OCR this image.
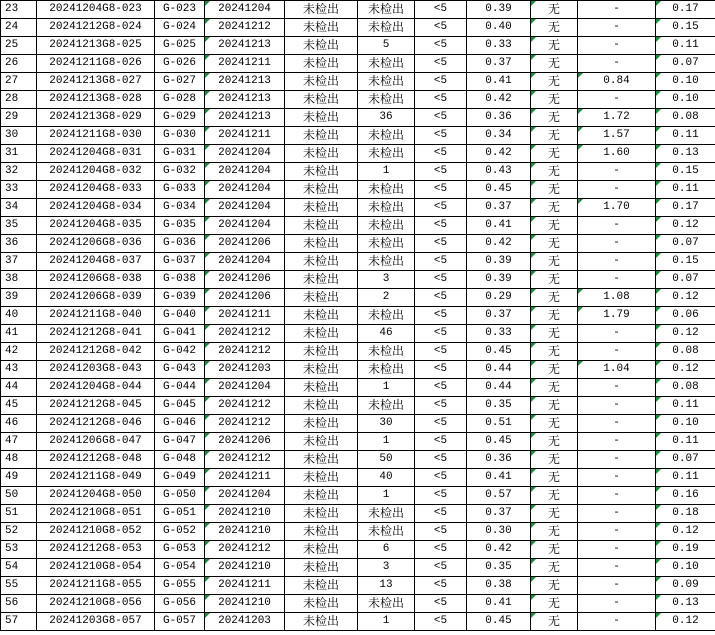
23	20241204G8-023	G-023	20241204	未检出	未检出	<5	0.39	无	-	0.17
24	20241212G8-024	G-024	20241212	未检出	未检出	<5	0.40	无	-	0.15
25	20241213G8-025	G-025	20241213	未检出	5	<5	0.33	无	-	0.11
26	20241211G8-026	G-026	20241211	未检出	未检出	<5	0.37	无	-	0.07
27	20241213G8-027	G-027	20241213	未检出	未检出	<5	0.41	无	0.84	0.10
28	20241213G8-028	G-028	20241213	未检出	未检出	<5	0.42	无	-	0.10
29	20241213G8-029	G-029	20241213	未检出	36	<5	0.36	无	1.72	0.08
30	20241211G8-030	G-030	20241211	未检出	未检出	<5	0.34	无	1.57	0.11
31	20241204G8-031	G-031	20241204	未检出	未检出	<5	0.42	无	1.60	0.13
32	20241204G8-032	G-032	20241204	未检出	1	<5	0.43	无	-	0.15
33	20241204G8-033	G-033	20241204	未检出	未检出	<5	0.45	无	-	0.11
34	20241204G8-034	G-034	20241204	未检出	未检出	<5	0.37	无	1.70	0.17
35	20241204G8-035	G-035	20241204	未检出	未检出	<5	0.41	无	-	0.12
36	20241206G8-036	G-036	20241206	未检出	未检出	<5	0.42	无	-	0.07
37	20241204G8-037	G-037	20241204	未检出	未检出	<5	0.39	无	-	0.15
38	20241206G8-038	G-038	20241206	未检出	3	<5	0.39	无	-	0.07
39	20241206G8-039	G-039	20241206	未检出	2	<5	0.29	无	1.08	0.12
40	20241211G8-040	G-040	20241211	未检出	未检出	<5	0.37	无	1.79	0.06
41	20241212G8-041	G-041	20241212	未检出	46	<5	0.33	无	-	0.12
42	20241212G8-042	G-042	20241212	未检出	未检出	<5	0.45	无	-	0.08
43	20241203G8-043	G-043	20241203	未检出	未检出	<5	0.44	无	1.04	0.12
44	20241204G8-044	G-044	20241204	未检出	1	<5	0.44	无	-	0.08
45	20241212G8-045	G-045	20241212	未检出	未检出	<5	0.35	无	-	0.11
46	20241212G8-046	G-046	20241212	未检出	30	<5	0.51	无	-	0.10
47	20241206G8-047	G-047	20241206	未检出	1	<5	0.45	无	-	0.11
48	20241212G8-048	G-048	20241212	未检出	50	<5	0.36	无	-	0.07
49	20241211G8-049	G-049	20241211	未检出	40	<5	0.41	无	-	0.11
50	20241204G8-050	G-050	20241204	未检出	1	<5	0.57	无	-	0.16
51	20241210G8-051	G-051	20241210	未检出	未检出	<5	0.37	无	-	0.18
52	20241210G8-052	G-052	20241210	未检出	未检出	<5	0.30	无	-	0.12
53	20241212G8-053	G-053	20241212	未检出	6	<5	0.42	无	-	0.19
54	20241210G8-054	G-054	20241210	未检出	3	<5	0.35	无	-	0.10
55	20241211G8-055	G-055	20241211	未检出	13	<5	0.38	无	-	0.09
56	20241210G8-056	G-056	20241210	未检出	未检出	<5	0.41	无	-	0.13
57	20241203G8-057	G-057	20241203	未检出	1	<5	0.45	无	-	0.12
